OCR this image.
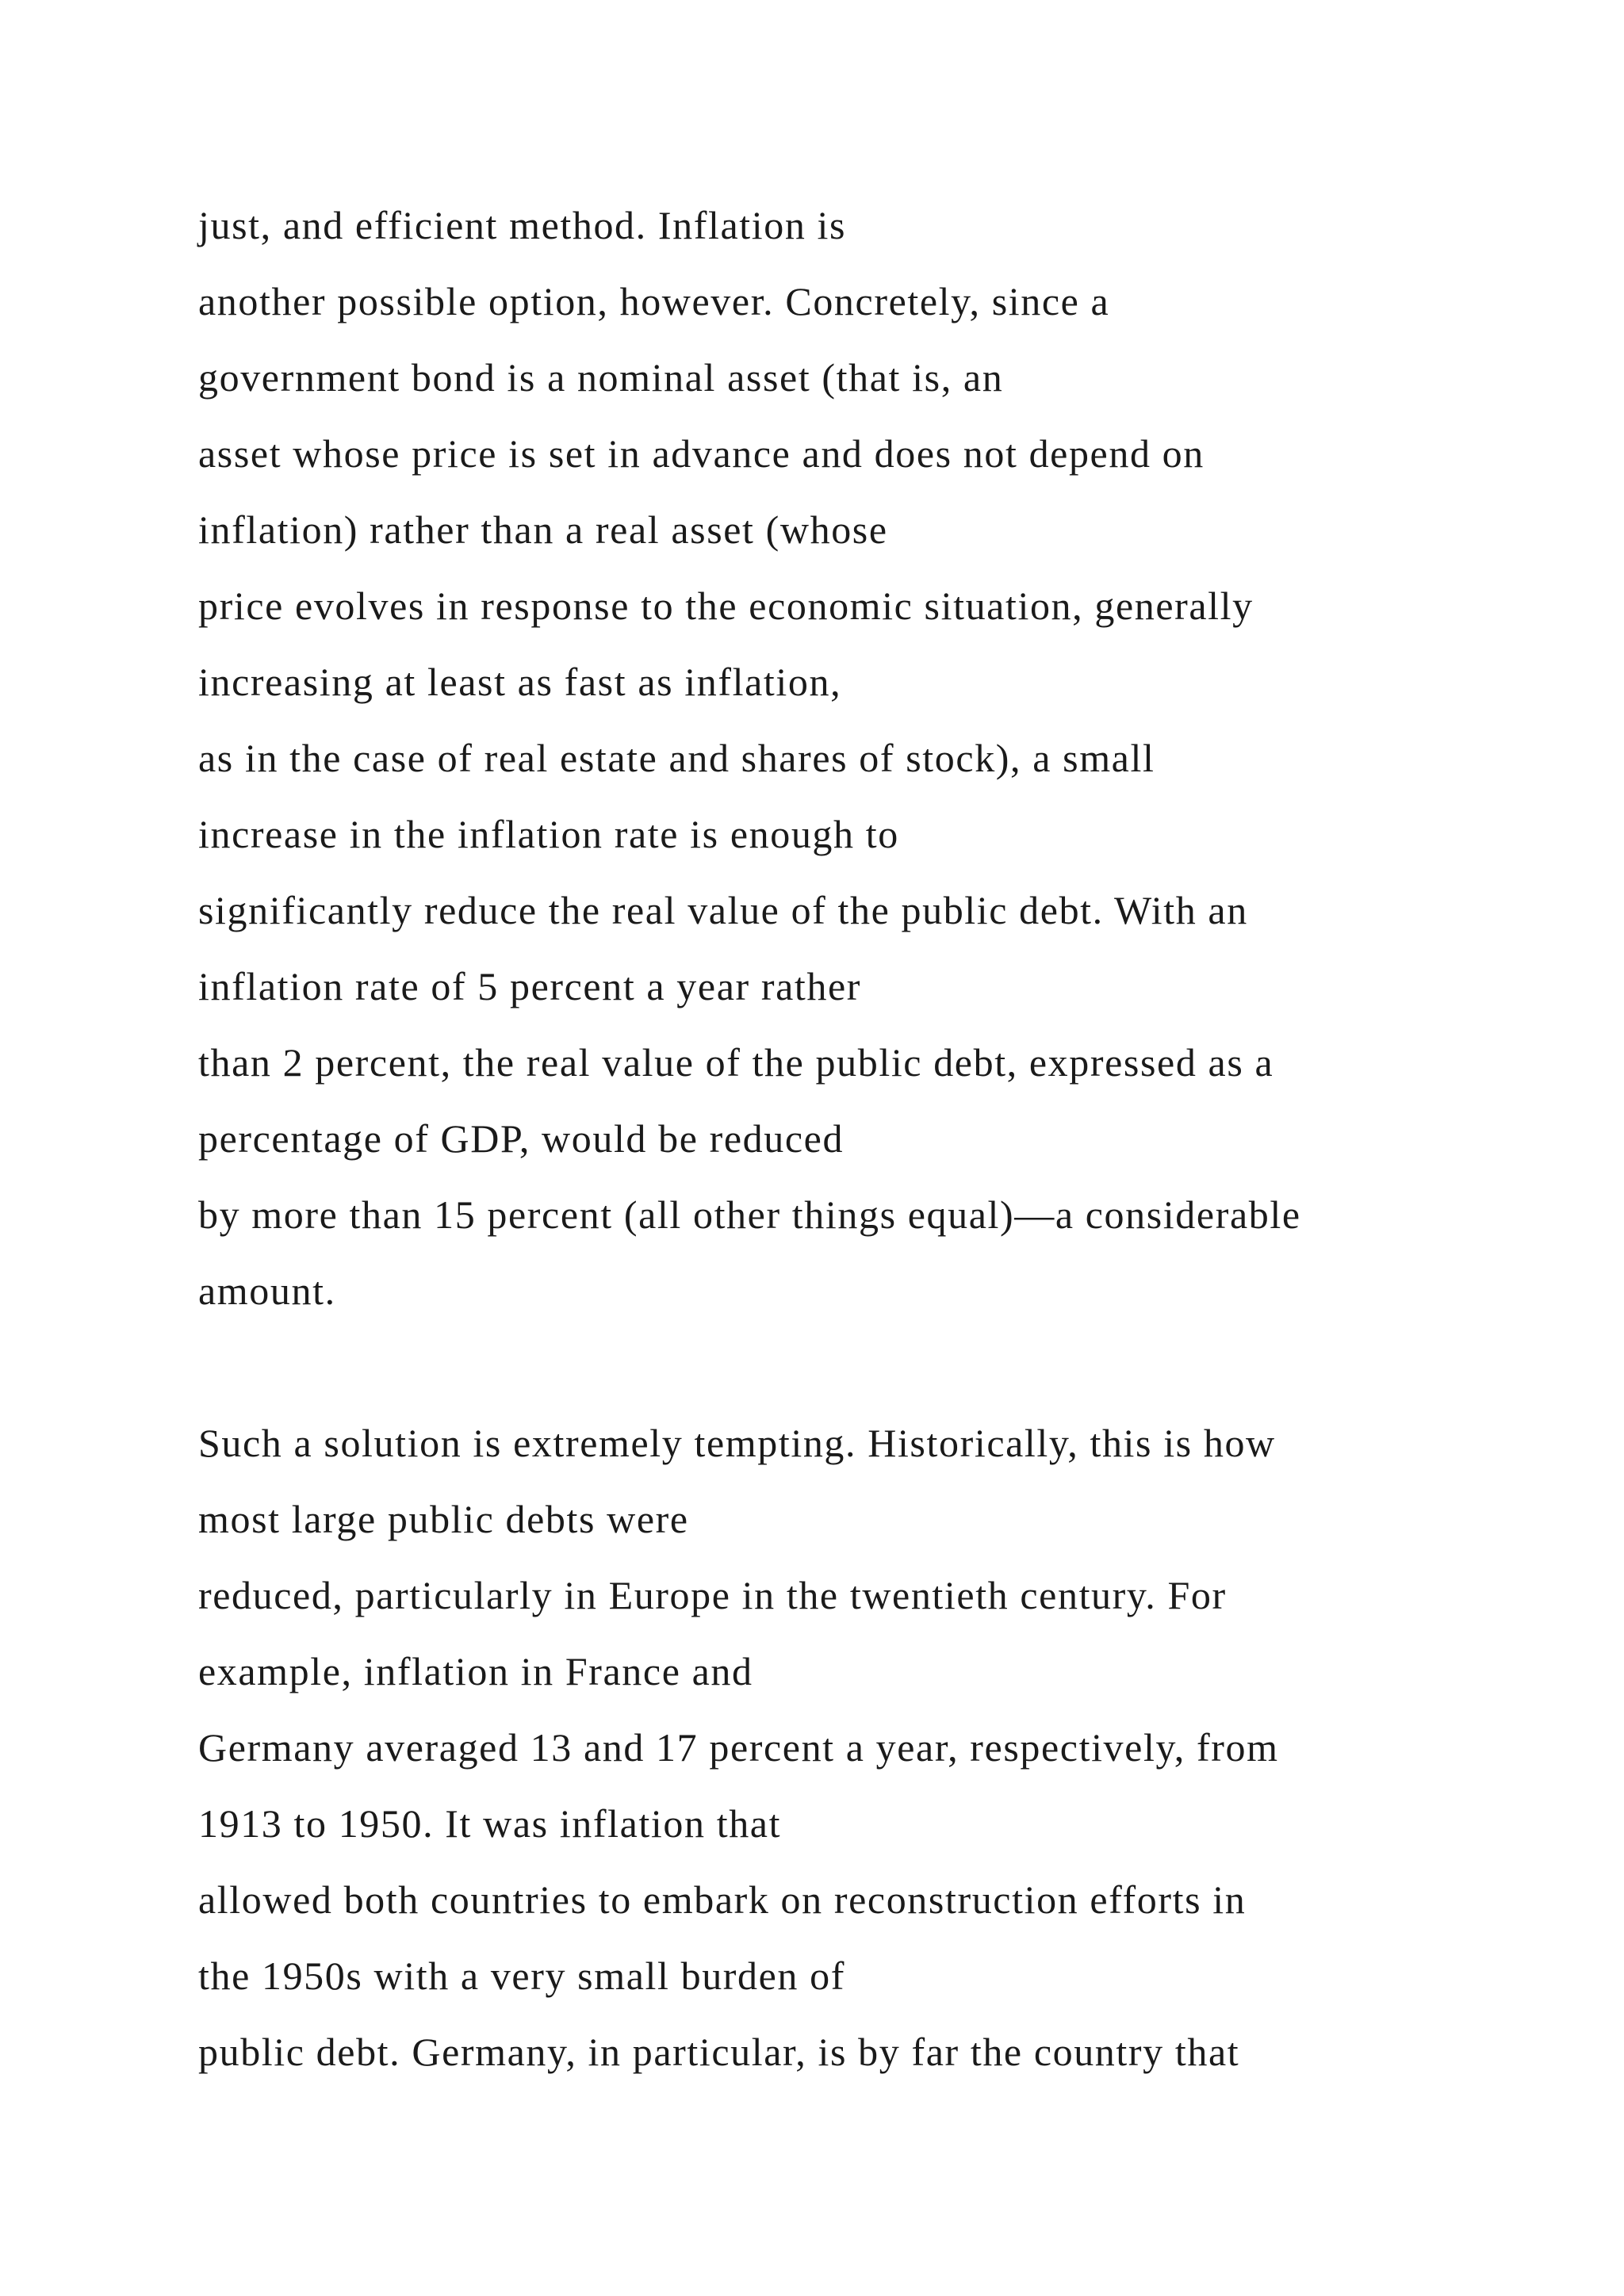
just, and efficient method. Inflation is
another possible option, however. Concretely, since a
government bond is a nominal asset (that is, an
asset whose price is set in advance and does not depend on
inflation) rather than a real asset (whose
price evolves in response to the economic situation, generally
increasing at least as fast as inflation,
as in the case of real estate and shares of stock), a small
increase in the inflation rate is enough to
significantly reduce the real value of the public debt. With an
inflation rate of 5 percent a year rather
than 2 percent, the real value of the public debt, expressed as a
percentage of GDP, would be reduced
by more than 15 percent (all other things equal)—a considerable
amount.
Such a solution is extremely tempting. Historically, this is how
most large public debts were
reduced, particularly in Europe in the twentieth century. For
example, inflation in France and
Germany averaged 13 and 17 percent a year, respectively, from
1913 to 1950. It was inflation that
allowed both countries to embark on reconstruction efforts in
the 1950s with a very small burden of
public debt. Germany, in particular, is by far the country that
